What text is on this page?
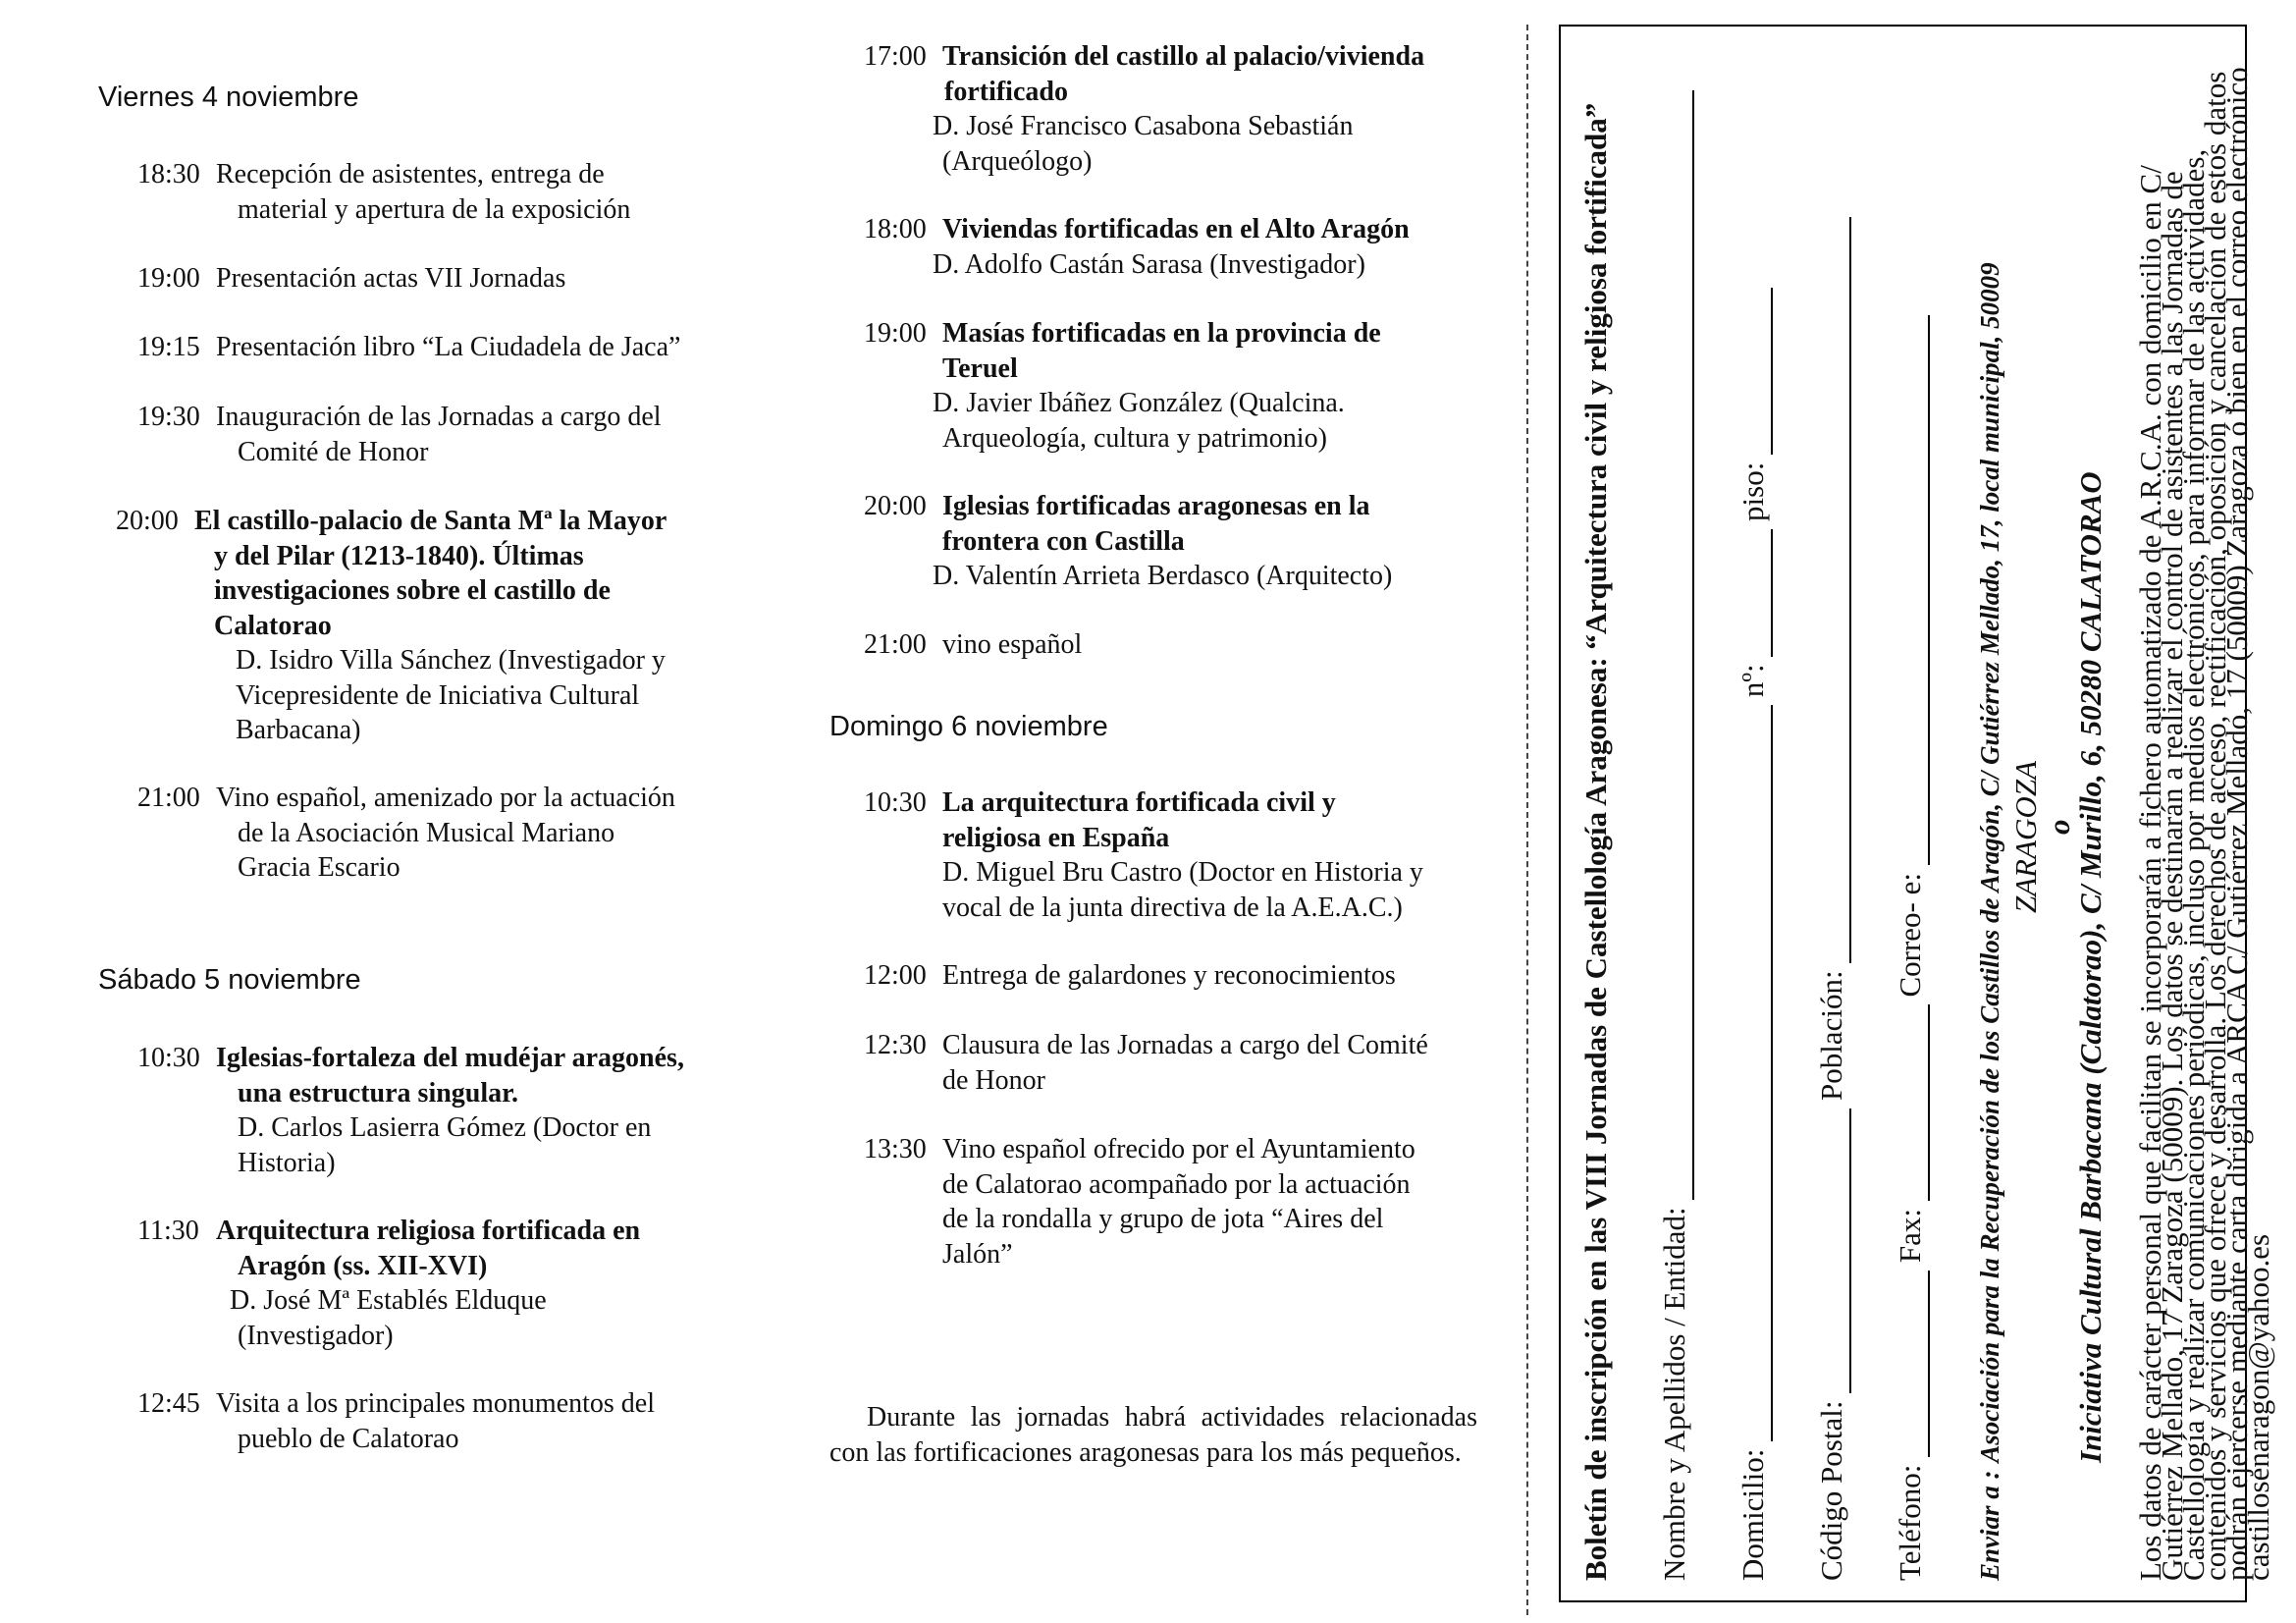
Viernes 4 noviembre
18:30 Recepción de asistentes, entrega de
material y apertura de la exposición
19:00 Presentación actas VII Jornadas
19:15 Presentación libro “La Ciudadela de Jaca”
19:30 Inauguración de las Jornadas a cargo del
Comité de Honor
20:00 El castillo-palacio de Santa Mª la Mayor
y del Pilar (1213-1840). Últimas
investigaciones sobre el castillo de
Calatorao
D. Isidro Villa Sánchez (Investigador y
Vicepresidente de Iniciativa Cultural
Barbacana)
21:00 Vino español, amenizado por la actuación
de la Asociación Musical Mariano
Gracia Escario
Sábado 5 noviembre
10:30 Iglesias-fortaleza del mudéjar aragonés,
una estructura singular.
D. Carlos Lasierra Gómez (Doctor en
Historia)
11:30 Arquitectura religiosa fortificada en
Aragón (ss. XII-XVI)
D. José Mª Establés Elduque
(Investigador)
12:45 Visita a los principales monumentos del
pueblo de Calatorao
17:00 Transición del castillo al palacio/vivienda
fortificado
D. José Francisco Casabona Sebastián
(Arqueólogo)
18:00 Viviendas fortificadas en el Alto Aragón
D. Adolfo Castán Sarasa (Investigador)
19:00 Masías fortificadas en la provincia de
Teruel
D. Javier Ibáñez González (Qualcina.
Arqueología, cultura y patrimonio)
20:00 Iglesias fortificadas aragonesas en la
frontera con Castilla
D. Valentín Arrieta Berdasco (Arquitecto)
21:00 vino español
Domingo 6 noviembre
10:30 La arquitectura fortificada civil y
religiosa en España
D. Miguel Bru Castro (Doctor en Historia y
vocal de la junta directiva de la A.E.A.C.)
12:00 Entrega de galardones y reconocimientos
12:30 Clausura de las Jornadas a cargo del Comité
de Honor
13:30 Vino español ofrecido por el Ayuntamiento
de Calatorao acompañado por la actuación
de la rondalla y grupo de jota “Aires del
Jalón”
Durante las jornadas habrá actividades relacionadas con las fortificaciones aragonesas para los más pequeños.	Boletín de inscripción en las VIII Jornadas de Castellología Aragonesa: “Arquitectura civil y religiosa fortificada” Nombre y Apellidos / Entidad: Domicilio:   nº:   piso:
Código Postal:   Población:
Teléfono:   Fax:   Correo- e:
Enviar a : Asociación para la Recuperación de los Castillos de Aragón, C/ Gutiérrez Mellado, 17, local municipal, 50009 ZARAGOZA o
Iniciativa Cultural Barbacana (Calatorao), C/ Murillo, 6, 50280 CALATORAO Los datos de carácter personal que facilitan se incorporarán a fichero automatizado de A.R.C.A. con domicilio en C/ Gutiérrez Mellado, 17 Zaragoza (50009). Los datos se destinarán a realizar el control de asistentes a las Jornadas de Castellología y realizar comunicaciones periódicas, incluso por medios electrónicos, para informar de las actividades, contenidos y servicios que ofrece y desarrolla. Los derechos de acceso, rectificación, oposición y cancelación de estos datos podrán ejercerse mediante carta dirigida a ARCA C/ Gutiérrez Mellado, 17 (50009) Zaragoza ó bien en el correo electrónico castillosenaragon@yahoo.es
